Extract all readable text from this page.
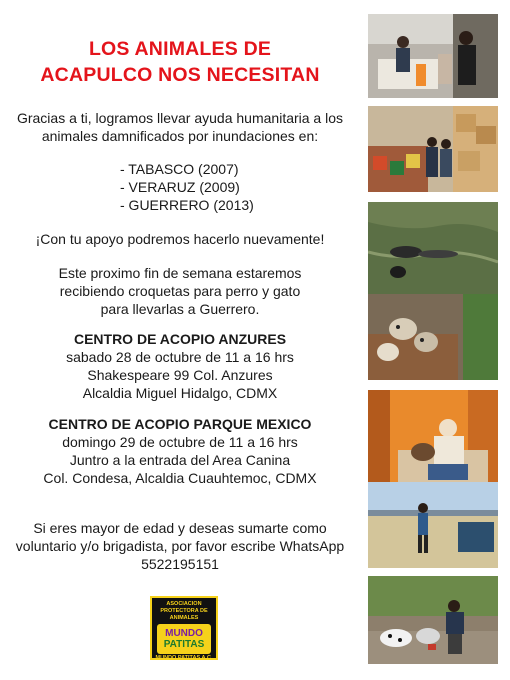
LOS ANIMALES DE
ACAPULCO NOS NECESITAN
Gracias a ti, logramos llevar ayuda humanitaria a los
animales damnificados por inundaciones en:
- TABASCO (2007)
- VERARUZ (2009)
- GUERRERO (2013)
¡Con tu apoyo podremos hacerlo nuevamente!
Este proximo fin de semana estaremos
recibiendo croquetas para perro y gato
para llevarlas a Guerrero.
CENTRO DE ACOPIO ANZURES
sabado 28 de octubre de 11 a 16 hrs
Shakespeare 99 Col. Anzures
Alcaldia Miguel Hidalgo, CDMX
CENTRO DE ACOPIO PARQUE MEXICO
domingo 29 de octubre de 11 a 16 hrs
Juntro a la entrada del Area Canina
Col. Condesa, Alcaldia Cuauhtemoc, CDMX
Si eres mayor de edad y deseas sumarte como
voluntario y/o brigadista, por favor escribe WhatsApp
5522195151
ASOCIACION PROTECTORA DE ANIMALES
MUNDO
PATITAS
MUNDO PATITAS A.C.
